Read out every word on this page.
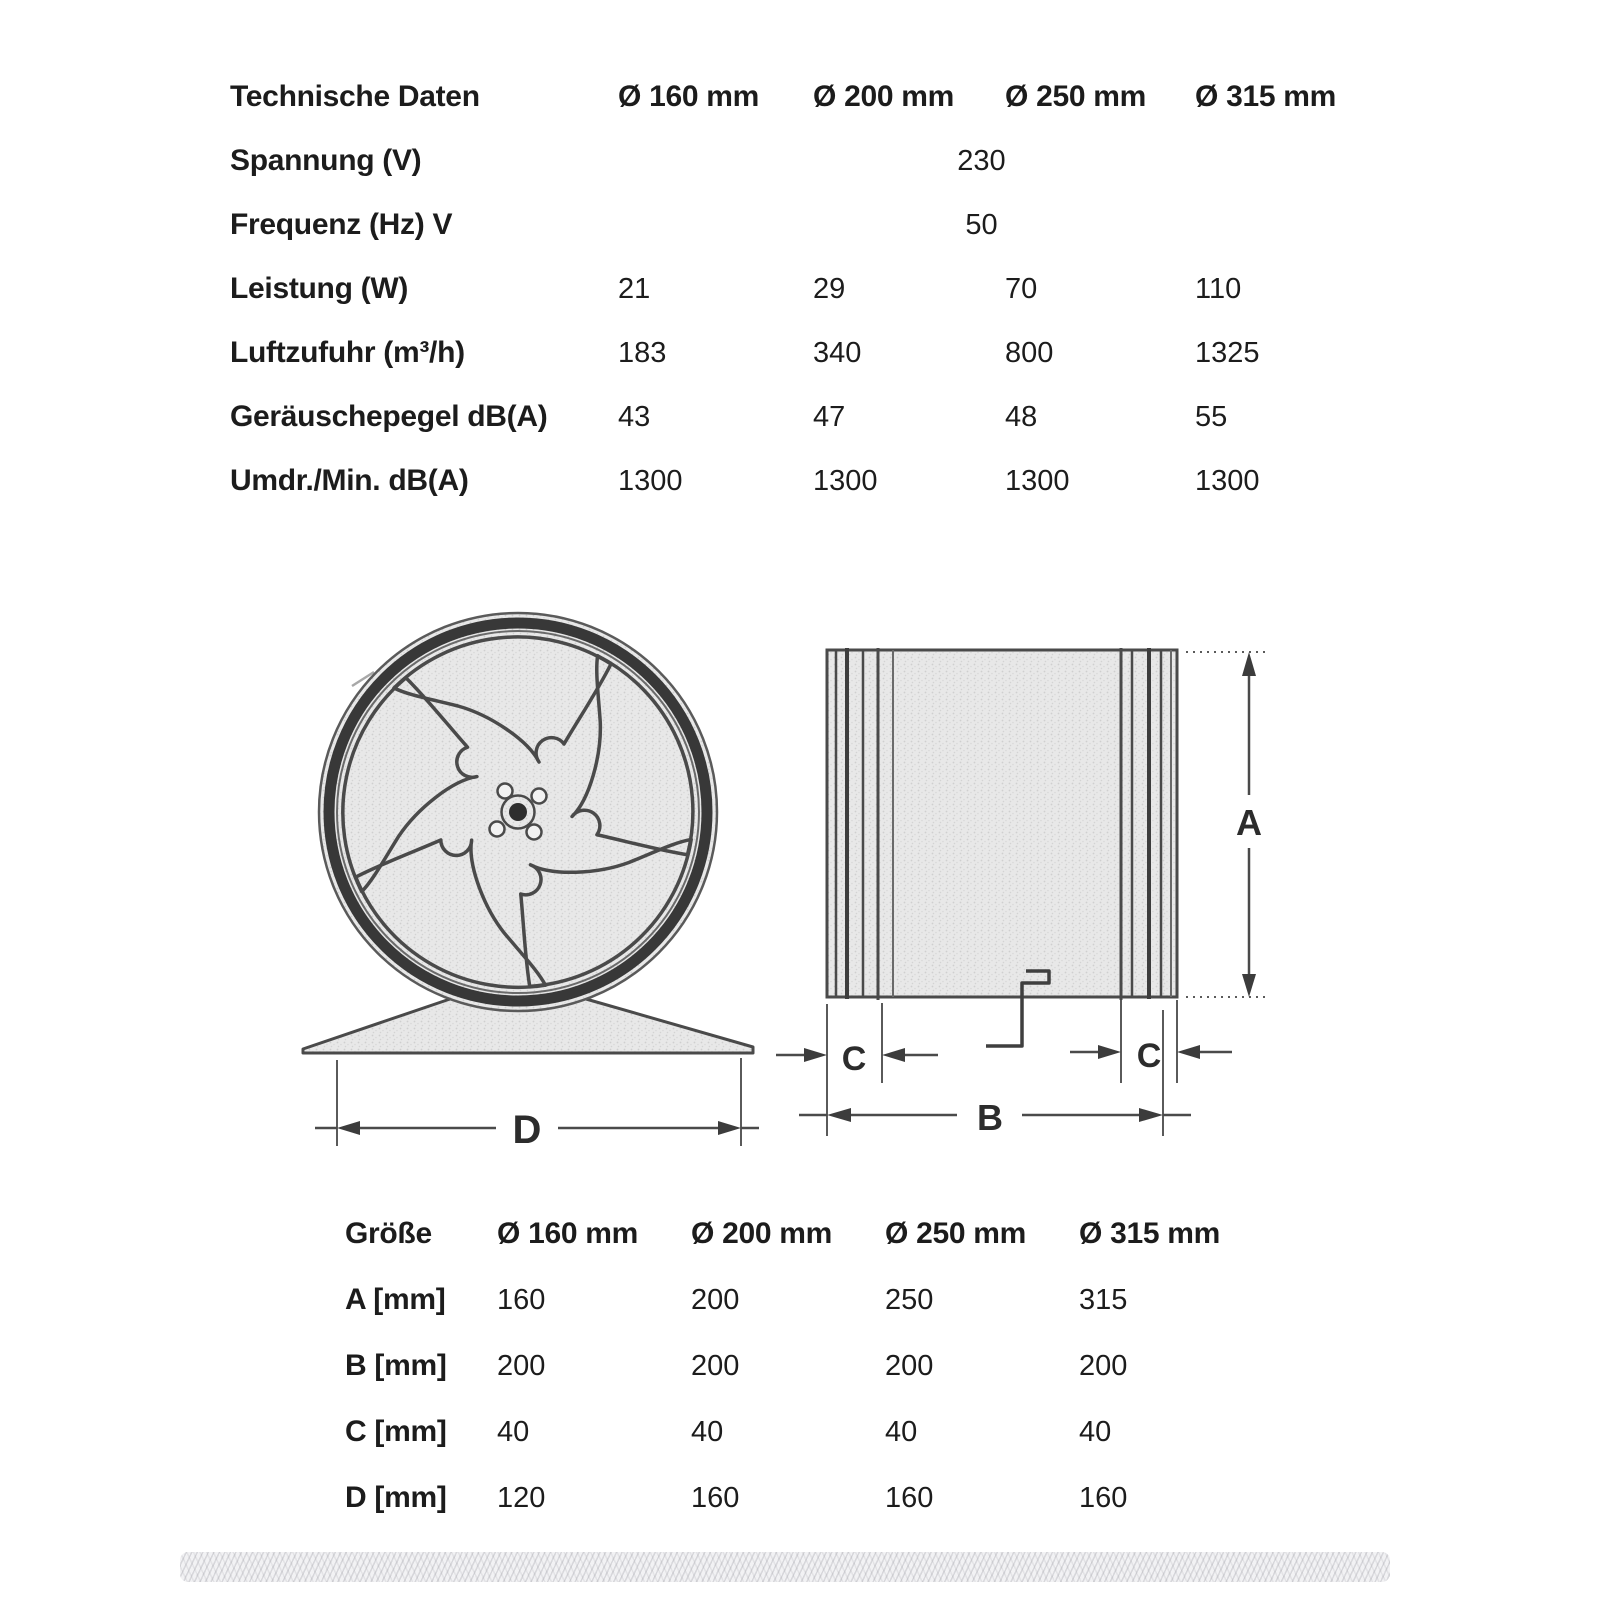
Technische Daten	Ø 160 mm	Ø 200 mm	Ø 250 mm	Ø 315 mm
Spannung (V)	230
Frequenz (Hz) V	50
Leistung (W)	21	29	70	110
Luftzufuhr (m³/h)	183	340	800	1325
Geräuschepegel dB(A)	43	47	48	55
Umdr./Min. dB(A)	1300	1300	1300	1300
D
A
C	C
B
Größe	Ø 160 mm	Ø 200 mm	Ø 250 mm	Ø 315 mm
A [mm]	160	200	250	315
B [mm]	200	200	200	200
C [mm]	40	40	40	40
D [mm]	120	160	160	160
